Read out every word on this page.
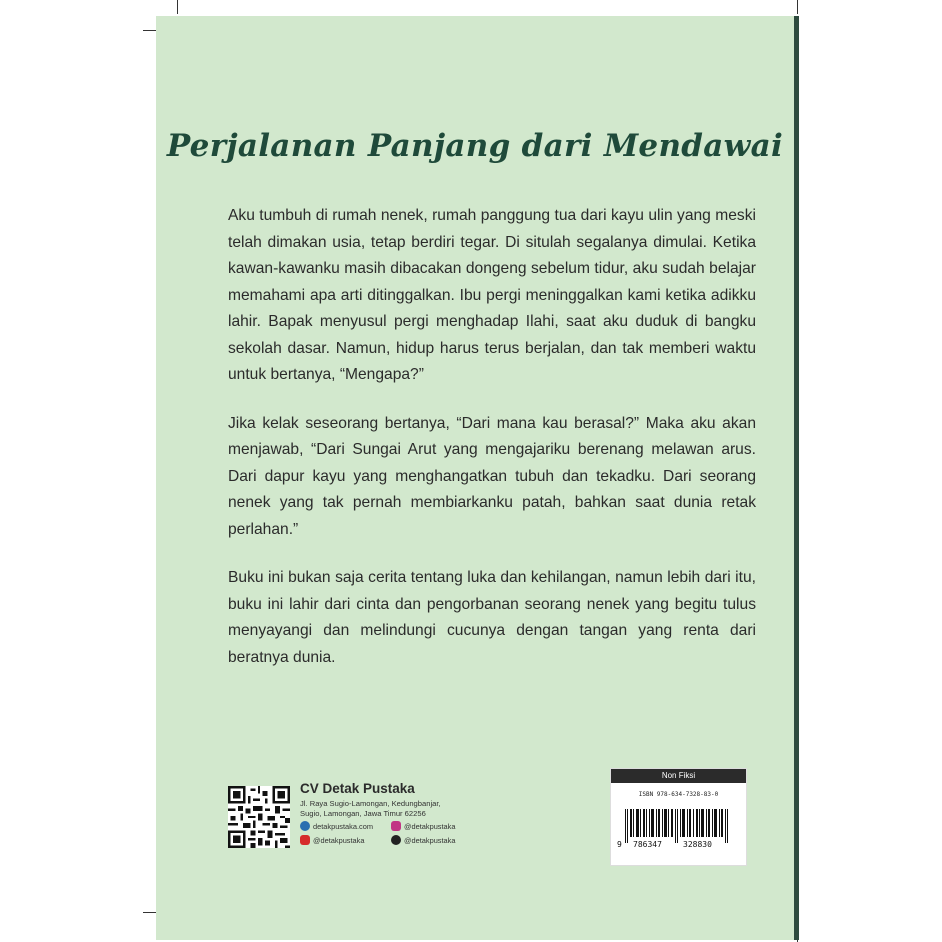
Perjalanan Panjang dari Mendawai

Aku tumbuh di rumah nenek, rumah panggung tua dari kayu ulin yang meski telah dimakan usia, tetap berdiri tegar. Di situlah segalanya dimulai. Ketika kawan-kawanku masih dibacakan dongeng sebelum tidur, aku sudah belajar memahami apa arti ditinggalkan. Ibu pergi meninggalkan kami ketika adikku lahir. Bapak menyusul pergi menghadap Ilahi, saat aku duduk di bangku sekolah dasar. Namun, hidup harus terus berjalan, dan tak memberi waktu untuk bertanya, “Mengapa?”

Jika kelak seseorang bertanya, “Dari mana kau berasal?” Maka aku akan menjawab, “Dari Sungai Arut yang mengajariku berenang melawan arus. Dari dapur kayu yang menghangatkan tubuh dan tekadku. Dari seorang nenek yang tak pernah membiarkanku patah, bahkan saat dunia retak perlahan.”

Buku ini bukan saja cerita tentang luka dan kehilangan, namun lebih dari itu, buku ini lahir dari cinta dan pengorbanan seorang nenek yang begitu tulus menyayangi dan melindungi cucunya dengan tangan yang renta dari beratnya dunia.

CV Detak Pustaka
Jl. Raya Sugio-Lamongan, Kedungbanjar,
Sugio, Lamongan, Jawa Timur 62256
detakpustaka.com	@detakpustaka
@detakpustaka	@detakpustaka
Non Fiksi
ISBN 978-634-7328-83-0
9 786347	328830
